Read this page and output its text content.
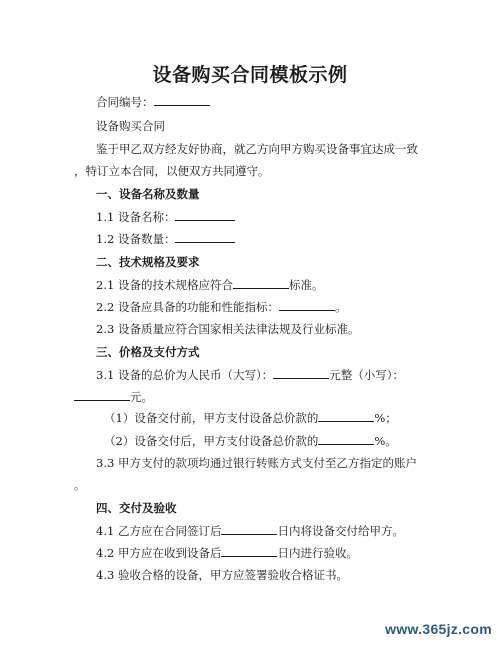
设备购买合同模板示例
合同编号：
设备购买合同
鉴于甲乙双方经友好协商，就乙方向甲方购买设备事宜达成一致
，特订立本合同，以便双方共同遵守。
一、设备名称及数量
1.1 设备名称：
1.2 设备数量：
二、技术规格及要求
2.1 设备的技术规格应符合	标准。
2.2 设备应具备的功能和性能指标：	。
2.3 设备质量应符合国家相关法律法规及行业标准。
三、价格及支付方式
3.1 设备的总价为人民币（大写）：	元整（小写）：
元。
（1）设备交付前，甲方支付设备总价款的	%；
（2）设备交付后，甲方支付设备总价款的	%。
3.3 甲方支付的款项均通过银行转账方式支付至乙方指定的账户
。
四、交付及验收
4.1 乙方应在合同签订后	日内将设备交付给甲方。
4.2 甲方应在收到设备后	日内进行验收。
4.3 验收合格的设备，甲方应签署验收合格证书。
www.365jz.com
